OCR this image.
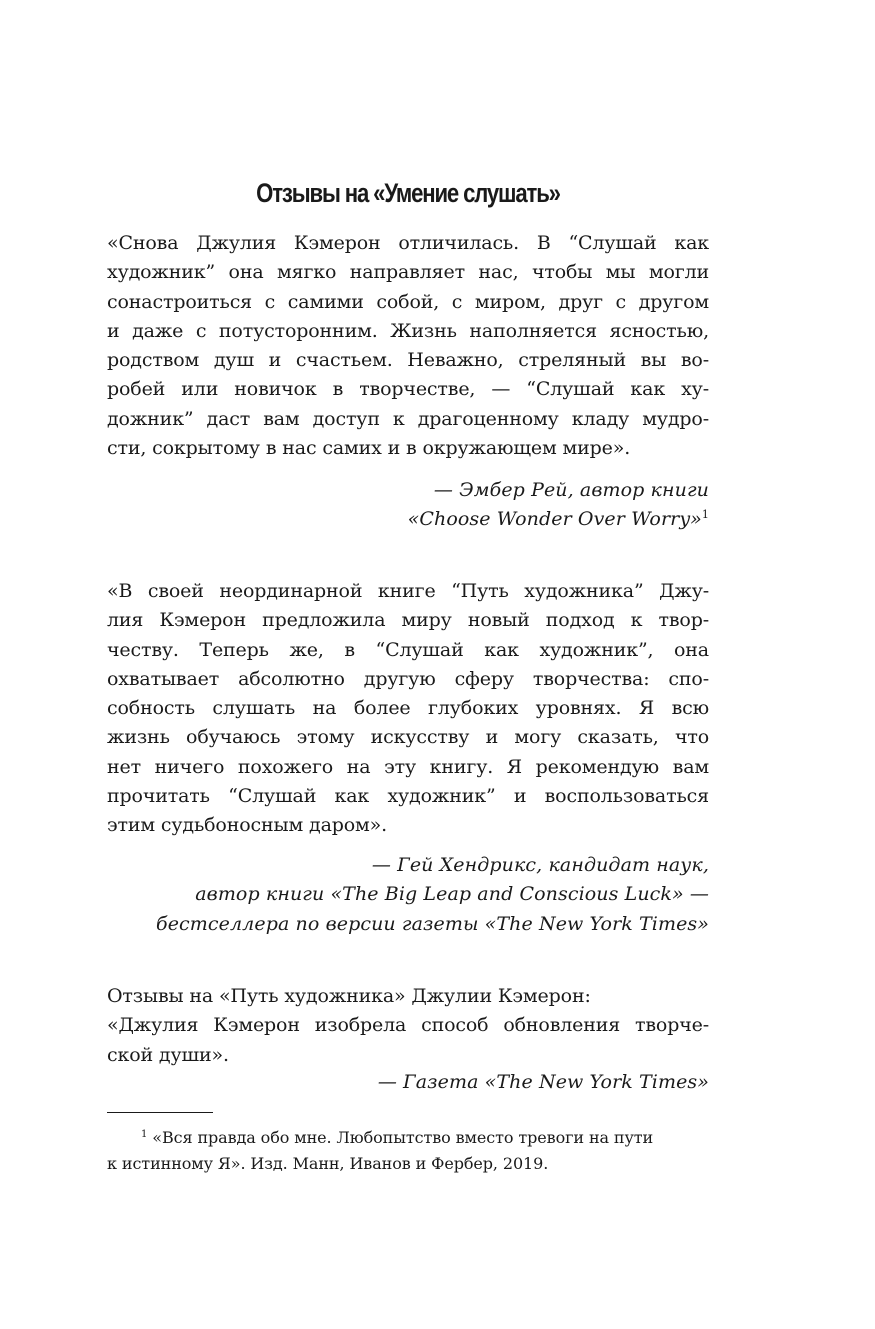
Отзывы на «Умение слушать»

«Снова Джулия Кэмерон отличилась. В “Слушай как
художник” она мягко направляет нас, чтобы мы могли
сонастроиться с самими собой, с миром, друг с другом
и даже с потусторонним. Жизнь наполняется ясностью,
родством душ и счастьем. Неважно, стреляный вы во-
робей или новичок в творчестве, — “Слушай как ху-
дожник” даст вам доступ к драгоценному кладу мудро-
сти, сокрытому в нас самих и в окружающем мире».

— Эмбер Рей, автор книги
«Choose Wonder Over Worry»$^1$

«В своей неординарной книге “Путь художника” Джу-
лия Кэмерон предложила миру новый подход к твор-
честву. Теперь же, в “Слушай как художник”, она
охватывает абсолютно другую сферу творчества: спо-
собность слушать на более глубоких уровнях. Я всю
жизнь обучаюсь этому искусству и могу сказать, что
нет ничего похожего на эту книгу. Я рекомендую вам
прочитать “Слушай как художник” и воспользоваться
этим судьбоносным даром».

— Гей Хендрикс, кандидат наук,
автор книги «The Big Leap and Conscious Luck» —
бестселлера по версии газеты «The New York Times»

Отзывы на «Путь художника» Джулии Кэмерон:
«Джулия Кэмерон изобрела способ обновления творче-
ской души».

— Газета «The New York Times»

$^1$ «Вся правда обо мне. Любопытство вместо тревоги на пути
к истинному Я». Изд. Манн, Иванов и Фербер, 2019.
